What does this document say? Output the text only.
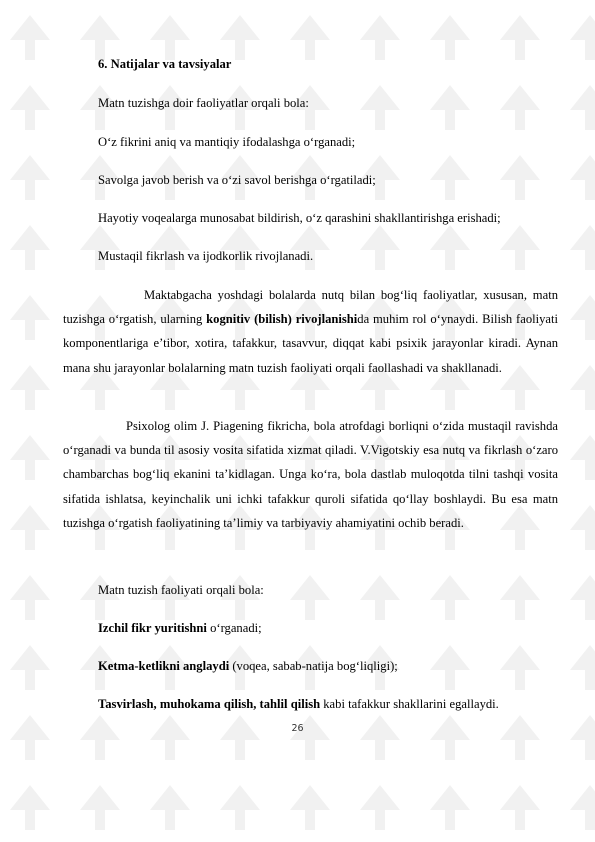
6. Natijalar va tavsiyalar
Matn tuzishga doir faoliyatlar orqali bola:
O‘z fikrini aniq va mantiqiy ifodalashga o‘rganadi;
Savolga javob berish va o‘zi savol berishga o‘rgatiladi;
Hayotiy voqealarga munosabat bildirish, o‘z qarashini shakllantirishga erishadi;
Mustaqil fikrlash va ijodkorlik rivojlanadi.
Maktabgacha yoshdagi bolalarda nutq bilan bog‘liq faoliyatlar, xususan, matn tuzishga o‘rgatish, ularning kognitiv (bilish) rivojlanishida muhim rol o‘ynaydi. Bilish faoliyati komponentlariga e’tibor, xotira, tafakkur, tasavvur, diqqat kabi psixik jarayonlar kiradi. Aynan mana shu jarayonlar bolalarning matn tuzish faoliyati orqali faollashadi va shakllanadi.
Psixolog olim J. Piagening fikricha, bola atrofdagi borliqni o‘zida mustaqil ravishda o‘rganadi va bunda til asosiy vosita sifatida xizmat qiladi. V.Vigotskiy esa nutq va fikrlash o‘zaro chambarchas bog‘liq ekanini ta’kidlagan. Unga ko‘ra, bola dastlab muloqotda tilni tashqi vosita sifatida ishlatsa, keyinchalik uni ichki tafakkur quroli sifatida qo‘llay boshlaydi. Bu esa matn tuzishga o‘rgatish faoliyatining ta’limiy va tarbiyaviy ahamiyatini ochib beradi.
Matn tuzish faoliyati orqali bola:
Izchil fikr yuritishni o‘rganadi;
Ketma-ketlikni anglaydi (voqea, sabab-natija bog‘liqligi);
Tasvirlash, muhokama qilish, tahlil qilish kabi tafakkur shakllarini egallaydi.
26
